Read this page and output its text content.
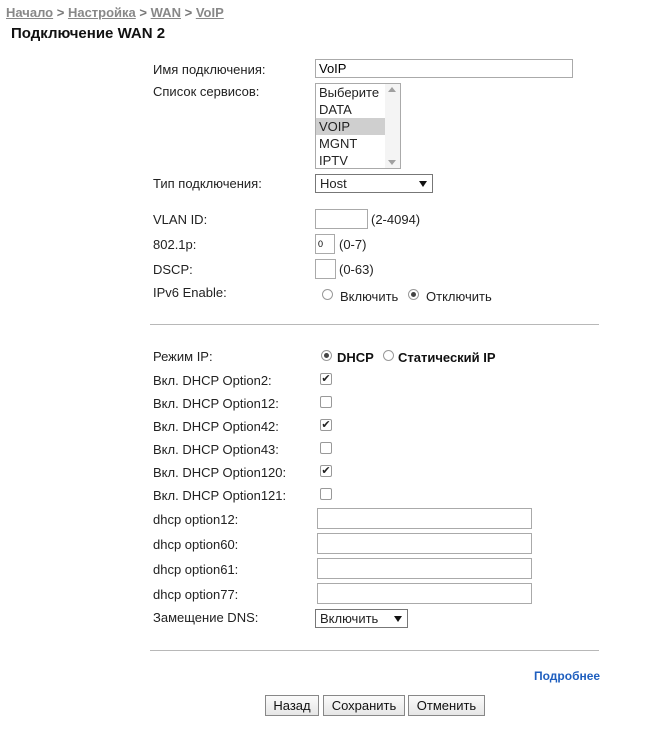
Начало > Настройка > WAN > VoIP
Подключение WAN 2
Имя подключения:
VoIP
Список сервисов:	Выберите
DATA
VOIP
MGNT
IPTV
Тип подключения:	Host
VLAN ID:	(2-4094)
802.1p:
0	(0-7)
DSCP:	(0-63)
IPv6 Enable:	Включить Отключить
Режим IP:	DHCP Статический IP
Вкл. DHCP Option2:	✔
Вкл. DHCP Option12:
Вкл. DHCP Option42:	✔
Вкл. DHCP Option43:
Вкл. DHCP Option120:	✔
Вкл. DHCP Option121:
dhcp option12:
dhcp option60:
dhcp option61:
dhcp option77:
Замещение DNS:	Включить
Подробнее
Назад	Сохранить	Отменить
